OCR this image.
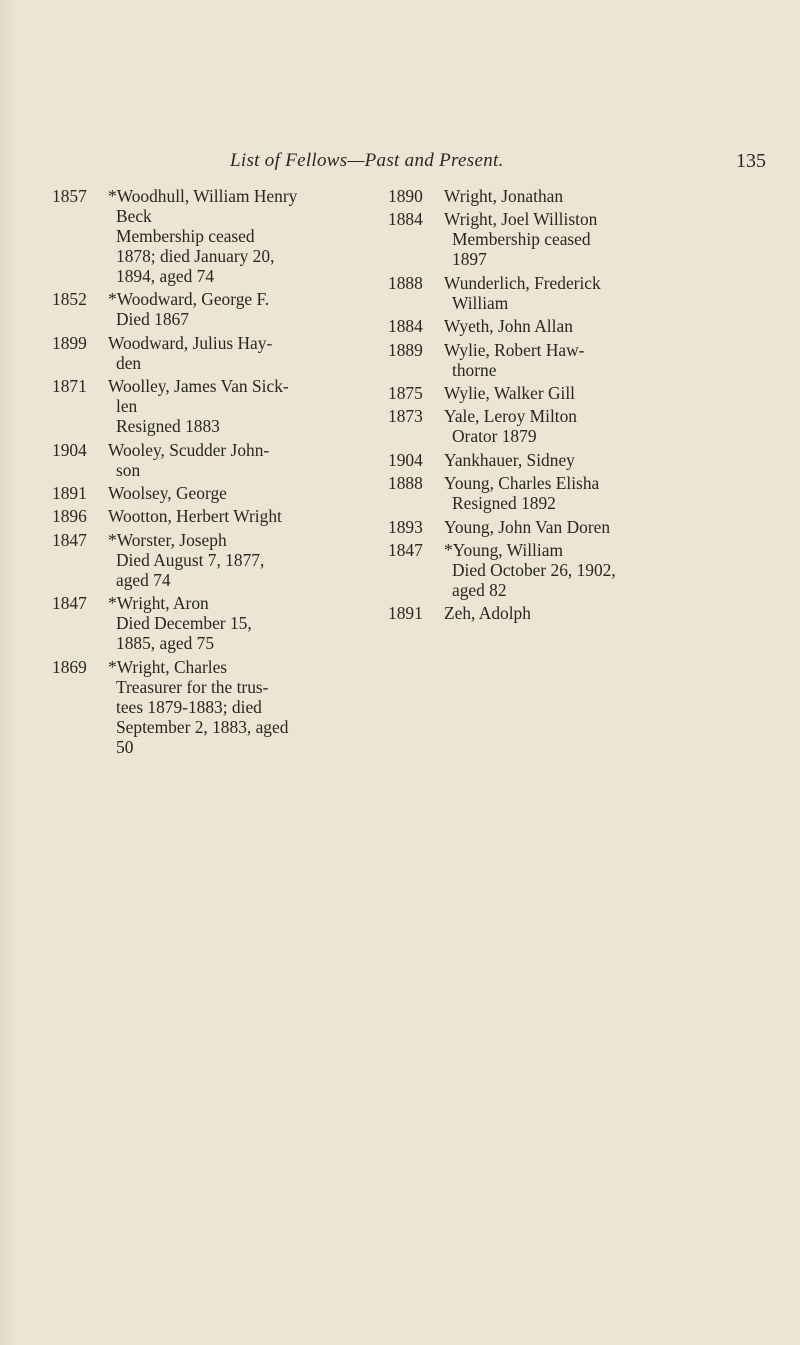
List of Fellows—Past and Present.	135
1857	*Woodhull, William Henry
Beck
Membership ceased
1878; died January 20,
1894, aged 74
1852	*Woodward, George F.
Died 1867
1899	Woodward, Julius Hay-
den
1871	Woolley, James Van Sick-
len
Resigned 1883
1904	Wooley, Scudder John-
son
1891	Woolsey, George
1896	Wootton, Herbert Wright
1847	*Worster, Joseph
Died August 7, 1877,
aged 74
1847	*Wright, Aron
Died December 15,
1885, aged 75
1869	*Wright, Charles
Treasurer for the trus-
tees 1879-1883; died
September 2, 1883, aged
50
1890	Wright, Jonathan
1884	Wright, Joel Williston
Membership ceased
1897
1888	Wunderlich, Frederick
William
1884	Wyeth, John Allan
1889	Wylie, Robert Haw-
thorne
1875	Wylie, Walker Gill
1873	Yale, Leroy Milton
Orator 1879
1904	Yankhauer, Sidney
1888	Young, Charles Elisha
Resigned 1892
1893	Young, John Van Doren
1847	*Young, William
Died October 26, 1902,
aged 82
1891	Zeh, Adolph
